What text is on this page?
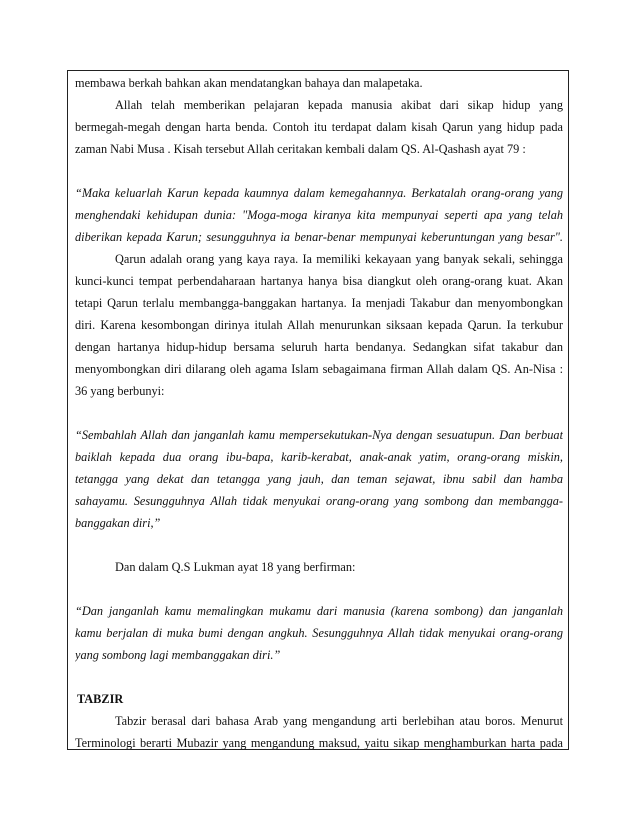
membawa berkah bahkan akan mendatangkan bahaya dan malapetaka.
Allah telah memberikan pelajaran kepada manusia akibat dari sikap hidup yang
bermegah-megah dengan harta benda. Contoh itu terdapat dalam kisah Qarun yang hidup pada
zaman Nabi Musa . Kisah tersebut Allah ceritakan kembali dalam QS. Al-Qashash ayat 79 :
“Maka keluarlah Karun kepada kaumnya dalam kemegahannya. Berkatalah orang-orang yang
menghendaki kehidupan dunia: "Moga-moga kiranya kita mempunyai seperti apa yang telah
diberikan kepada Karun; sesungguhnya ia benar-benar mempunyai keberuntungan yang besar".
Qarun adalah orang yang kaya raya. Ia memiliki kekayaan yang banyak sekali, sehingga
kunci-kunci tempat perbendaharaan hartanya hanya bisa diangkut oleh orang-orang kuat. Akan
tetapi Qarun terlalu membangga-banggakan hartanya. Ia menjadi Takabur dan menyombongkan
diri. Karena kesombongan dirinya itulah Allah menurunkan siksaan kepada Qarun. Ia terkubur
dengan hartanya hidup-hidup bersama seluruh harta bendanya. Sedangkan sifat takabur dan
menyombongkan diri dilarang oleh agama Islam sebagaimana firman Allah dalam QS. An-Nisa :
36 yang berbunyi:
“Sembahlah Allah dan janganlah kamu mempersekutukan-Nya dengan sesuatupun. Dan berbuat
baiklah kepada dua orang ibu-bapa, karib-kerabat, anak-anak yatim, orang-orang miskin,
tetangga yang dekat dan tetangga yang jauh, dan teman sejawat, ibnu sabil dan hamba
sahayamu. Sesungguhnya Allah tidak menyukai orang-orang yang sombong dan membangga-
banggakan diri,”
Dan dalam Q.S Lukman ayat 18 yang berfirman:
“Dan janganlah kamu memalingkan mukamu dari manusia (karena sombong) dan janganlah
kamu berjalan di muka bumi dengan angkuh. Sesungguhnya Allah tidak menyukai orang-orang
yang sombong lagi membanggakan diri.”
TABZIR
Tabzir berasal dari bahasa Arab yang mengandung arti berlebihan atau boros. Menurut
Terminologi berarti Mubazir yang mengandung maksud, yaitu sikap menghamburkan harta pada
